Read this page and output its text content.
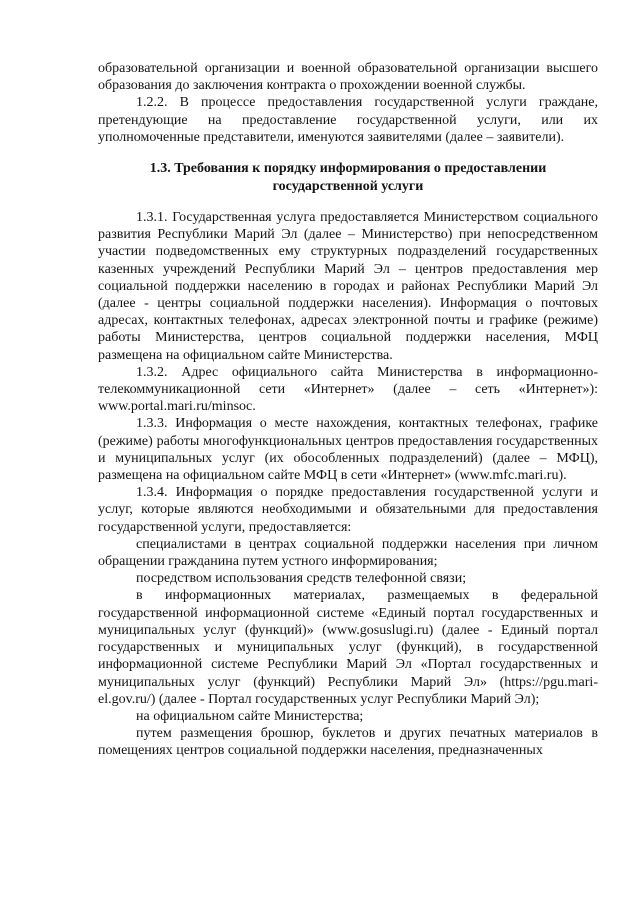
образовательной организации и военной образовательной организации высшего образования до заключения контракта о прохождении военной службы.

1.2.2. В процессе предоставления государственной услуги граждане, претендующие на предоставление государственной услуги, или их уполномоченные представители, именуются заявителями (далее – заявители).

1.3. Требования к порядку информирования о предоставлении государственной услуги

1.3.1. Государственная услуга предоставляется Министерством социального развития Республики Марий Эл (далее – Министерство) при непосредственном участии подведомственных ему структурных подразделений государственных казенных учреждений Республики Марий Эл – центров предоставления мер социальной поддержки населению в городах и районах Республики Марий Эл (далее - центры социальной поддержки населения). Информация о почтовых адресах, контактных телефонах, адресах электронной почты и графике (режиме) работы Министерства, центров социальной поддержки населения, МФЦ размещена на официальном сайте Министерства.

1.3.2. Адрес официального сайта Министерства в информационно-телекоммуникационной сети «Интернет» (далее – сеть «Интернет»): www.portal.mari.ru/minsoc.

1.3.3. Информация о месте нахождения, контактных телефонах, графике (режиме) работы многофункциональных центров предоставления государственных и муниципальных услуг (их обособленных подразделений) (далее – МФЦ), размещена на официальном сайте МФЦ в сети «Интернет» (www.mfc.mari.ru).

1.3.4. Информация о порядке предоставления государственной услуги и услуг, которые являются необходимыми и обязательными для предоставления государственной услуги, предоставляется:

специалистами в центрах социальной поддержки населения при личном обращении гражданина путем устного информирования;

посредством использования средств телефонной связи;

в информационных материалах, размещаемых в федеральной государственной информационной системе «Единый портал государственных и муниципальных услуг (функций)» (www.gosuslugi.ru) (далее - Единый портал государственных и муниципальных услуг (функций), в государственной информационной системе Республики Марий Эл «Портал государственных и муниципальных услуг (функций) Республики Марий Эл» (https://pgu.mari-el.gov.ru/) (далее - Портал государственных услуг Республики Марий Эл);

на официальном сайте Министерства;

путем размещения брошюр, буклетов и других печатных материалов в помещениях центров социальной поддержки населения, предназначенных
